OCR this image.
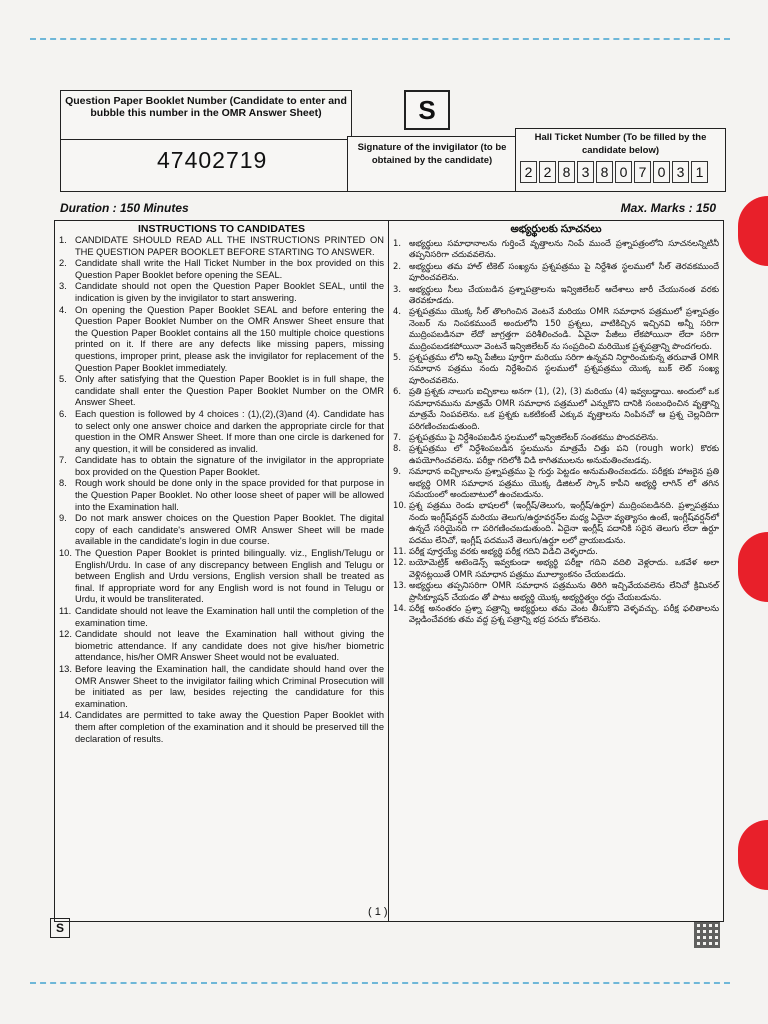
Question Paper Booklet Number (Candidate to enter and bubble this number in the OMR Answer Sheet)
47402719
S
Signature of the invigilator (to be obtained by the candidate)
Hall Ticket Number (To be filled by the candidate below)
2 2 8 3 8 0 7 0 3 1
Duration : 150 Minutes	Max. Marks : 150
INSTRUCTIONS TO CANDIDATES
1. CANDIDATE SHOULD READ ALL THE INSTRUCTIONS PRINTED ON THE QUESTION PAPER BOOKLET BEFORE STARTING TO ANSWER.
2. Candidate shall write the Hall Ticket Number in the box provided on this Question Paper Booklet before opening the SEAL.
3. Candidate should not open the Question Paper Booklet SEAL, until the indication is given by the invigilator to start answering.
4. On opening the Question Paper Booklet SEAL and before entering the Question Paper Booklet Number on the OMR Answer Sheet ensure that the Question Paper Booklet contains all the 150 multiple choice questions printed on it. If there are any defects like missing papers, missing questions, improper print, please ask the invigilator for replacement of the Question Paper Booklet immediately.
5. Only after satisfying that the Question Paper Booklet is in full shape, the candidate shall enter the Question Paper Booklet Number on the OMR Answer Sheet.
6. Each question is followed by 4 choices : (1),(2),(3)and (4). Candidate has to select only one answer choice and darken the appropriate circle for that question in the OMR Answer Sheet. If more than one circle is darkened for any question, it will be considered as invalid.
7. Candidate has to obtain the signature of the invigilator in the appropriate box provided on the Question Paper Booklet.
8. Rough work should be done only in the space provided for that purpose in the Question Paper Booklet. No other loose sheet of paper will be allowed into the Examination hall.
9. Do not mark answer choices on the Question Paper Booklet. The digital copy of each candidate's answered OMR Answer Sheet will be made available in the candidate's login in due course.
10. The Question Paper Booklet is printed bilingually. viz., English/Telugu or English/Urdu. In case of any discrepancy between English and Telugu or between English and Urdu versions, English version shall be treated as final. If appropriate word for any English word is not found in Telugu or Urdu, it would be transliterated.
11. Candidate should not leave the Examination hall until the completion of the examination time.
12. Candidate should not leave the Examination hall without giving the biometric attendance. If any candidate does not give his/her biometric attendance, his/her OMR Answer Sheet would not be evaluated.
13. Before leaving the Examination hall, the candidate should hand over the OMR Answer Sheet to the invigilator failing which Criminal Prosecution will be initiated as per law, besides rejecting the candidature for this examination.
14. Candidates are permitted to take away the Question Paper Booklet with them after completion of the examination and it should be preserved till the declaration of results.
అభ్యర్థులకు సూచనలు
1. అభ్యర్థులు సమాధానాలను గుర్తించే వృత్తాలను నింపే ముందే ప్రశ్నాపత్రంలోని సూచనలన్నిటినీ తప్పనిసరిగా చదువవలెను.
2. అభ్యర్థులు తమ హాల్ టికెట్ సంఖ్యను ప్రశ్నపత్రము పై నిర్దేశిత స్థలములో సీల్ తెరవకముందే పూరించవలెను.
3. అభ్యర్థులు సీలు చేయబడిన ప్రశ్నాపత్రాలను ఇన్విజిలేటర్ ఆదేశాలు జారీ చేయునంత వరకు తెరవకూడదు.
4. ప్రశ్నపత్రము యొక్క సీల్ తొలగించిన వెంటనే మరియు OMR సమాధాన పత్రములో ప్రశ్నాపత్రం నెంబర్ ను నింపకముందే అందులోని 150 ప్రశ్నలు, వాటికిచ్చిన ఇచ్చినవి అన్నీ సరిగా ముద్రింపబడినవా లేదో జాగ్రత్తగా పరిశీలించండి. ఏవైనా పేజీలు లేకపోయినా లేదా సరిగా ముద్రింపబడకపోయినా వెంటనే ఇన్విజిలేటర్ ను సంప్రదించి మరియొక ప్రశ్నపత్రాన్ని పొందగలరు.
5. ప్రశ్నపత్రము లోని అన్ని పేజీలు పూర్తిగా మరియు సరిగా ఉన్నవని నిర్ధారించుకున్న తరువాతే OMR సమాధాన పత్రము నందు నిర్దేశించిన స్థలములో ప్రశ్నపత్రము యొక్క బుక్ లెట్ సంఖ్య పూరించవలెను.
6. ప్రతి ప్రశ్నకు నాలుగు ఐచ్ఛికాలు అనగా (1), (2), (3) మరియు (4) ఇవ్వబడ్డాయి. అందులో ఒక సమాధానమును మాత్రమే OMR సమాధాన పత్రములో ఎన్నుకొని దానికి సంబంధించిన వృత్తాన్ని మాత్రమే నింపవలెను. ఒక ప్రశ్నకు ఒకటికంటే ఎక్కువ వృత్తాలను నింపినచో ఆ ప్రశ్న చెల్లనిదిగా పరిగణించబడుతుంది.
7. ప్రశ్నపత్రము పై నిర్దేశింపబడిన స్థలములో ఇన్విజిలేటర్ సంతకము పొందవలెను.
8. ప్రశ్నపత్రము లో నిర్దేశింపబడిన స్థలమును మాత్రమే చిత్తు పని (rough work) కొరకు ఉపయోగించవలెను. పరీక్షా గదిలోకి విడి కాగితములను అనుమతించబడవు.
9. సమాధాన ఐచ్ఛికాలను ప్రశ్నాపత్రము పై గుర్తు పెట్టడం అనుమతించబడదు. పరీక్షకు హాజరైన ప్రతి అభ్యర్థి OMR సమాధాన పత్రము యొక్క డిజిటల్ స్కాన్ కాపీని అభ్యర్థి లాగిన్ లో తగిన సమయంలో అందుబాటులో ఉంచబడును.
10. ప్రశ్న పత్రము రెండు భాషలలో (ఇంగ్లీష్/తెలుగు, ఇంగ్లీష్/ఉర్దూ) ముద్రింపబడినది. ప్రశ్నాపత్రము నందు ఇంగ్లీష్‌వర్షన్ మరియు తెలుగు/ఉర్దూవర్షన్‌ల మధ్య ఏదైనా వ్యత్యాసం ఉంటే, ఇంగ్లీష్‌వర్షన్‌లో ఉన్నదే సరియైనది గా పరిగణించబడుతుంది. ఏదైనా ఇంగ్లీష్ పదానికి సరైన తెలుగు లేదా ఉర్దూ పదము లేనిచో, ఇంగ్లీష్ పదమునే తెలుగు/ఉర్దూ లలో వ్రాయబడును.
11. పరీక్ష పూర్తయ్యే వరకు అభ్యర్థి పరీక్ష గదిని విడిచి వెళ్ళరాదు.
12. బయోమెట్రిక్ అటెండెన్స్ ఇవ్వకుండా అభ్యర్థి పరీక్షా గదిని వదిలి వెళ్లరాదు. ఒకవేళ అలా వెళ్లినట్లయితే OMR సమాధాన పత్రము మూల్యాంకనం చేయబడదు.
13. అభ్యర్థులు తప్పనిసరిగా OMR సమాధాన పత్రమును తిరిగి ఇచ్చివేయవలెను లేనిచో క్రిమినల్ ప్రాసిక్యూషన్ చేయడం తో పాటు అభ్యర్థి యొక్క అభ్యర్థిత్వం రద్దు చేయబడును.
14. పరీక్ష అనంతరం ప్రశ్నా పత్రాన్ని అభ్యర్థులు తమ వెంట తీసుకొని వెళ్ళవచ్చు. పరీక్ష ఫలితాలను వెల్లడించేవరకు తమ వద్ద ప్రశ్న పత్రాన్ని భద్ర పరచు కోవలెను.
( 1 )
S
